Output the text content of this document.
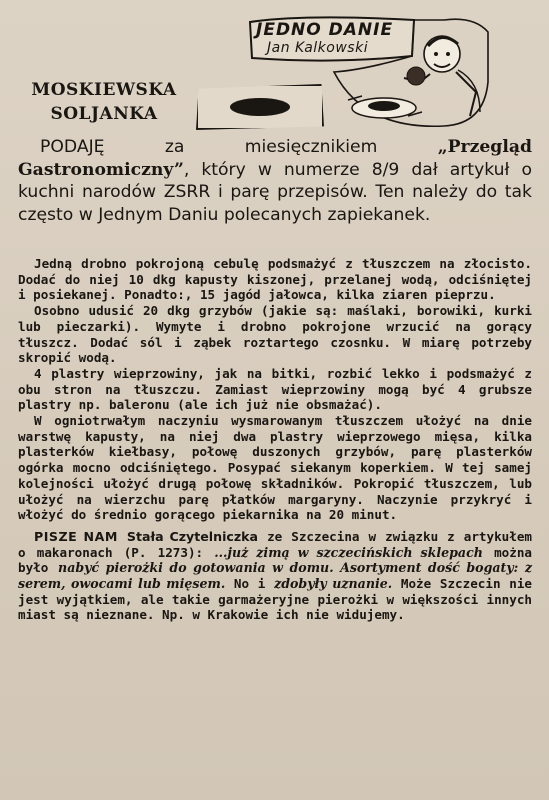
JEDNO DANIE
Jan Kalkowski
MOSKIEWSKA
SOLJANKA
PODAJĘ za miesięcznikiem „Przegląd Gastronomiczny”, który w numerze 8/9 dał artykuł o kuchni narodów ZSRR i parę przepisów. Ten należy do tak często w Jednym Daniu polecanych zapiekanek.

Jedną drobno pokrojoną cebulę podsmażyć z tłuszczem na złocisto. Dodać do niej 10 dkg kapusty kiszonej, przelanej wodą, odciśniętej i posiekanej. Ponadto:, 15 jagód jałowca, kilka ziaren pieprzu.

Osobno udusić 20 dkg grzybów (jakie są: maślaki, borowiki, kurki lub pieczarki). Wymyte i drobno pokrojone wrzucić na gorący tłuszcz. Dodać sól i ząbek roztartego czosnku. W miarę potrzeby skropić wodą.

4 plastry wieprzowiny, jak na bitki, rozbić lekko i podsmażyć z obu stron na tłuszczu. Zamiast wieprzowiny mogą być 4 grubsze plastry np. baleronu (ale ich już nie obsmażać).

W ogniotrwałym naczyniu wysmarowanym tłuszczem ułożyć na dnie warstwę kapusty, na niej dwa plastry wieprzowego mięsa, kilka plasterków kiełbasy, połowę duszonych grzybów, parę plasterków ogórka mocno odciśniętego. Posypać siekanym koperkiem. W tej samej kolejności ułożyć drugą połowę składników. Pokropić tłuszczem, lub ułożyć na wierzchu parę płatków margaryny. Naczynie przykryć i włożyć do średnio gorącego piekarnika na 20 minut.

PISZE NAM Stała Czytelniczka ze Szczecina w związku z artykułem o makaronach (P. 1273): ...już zimą w szczecińskich sklepach można było nabyć pierożki do gotowania w domu. Asortyment dość bogaty: z serem, owocami lub mięsem. No i zdobyły uznanie. Może Szczecin nie jest wyjątkiem, ale takie garmażeryjne pierożki w większości innych miast są nieznane. Np. w Krakowie ich nie widujemy.
